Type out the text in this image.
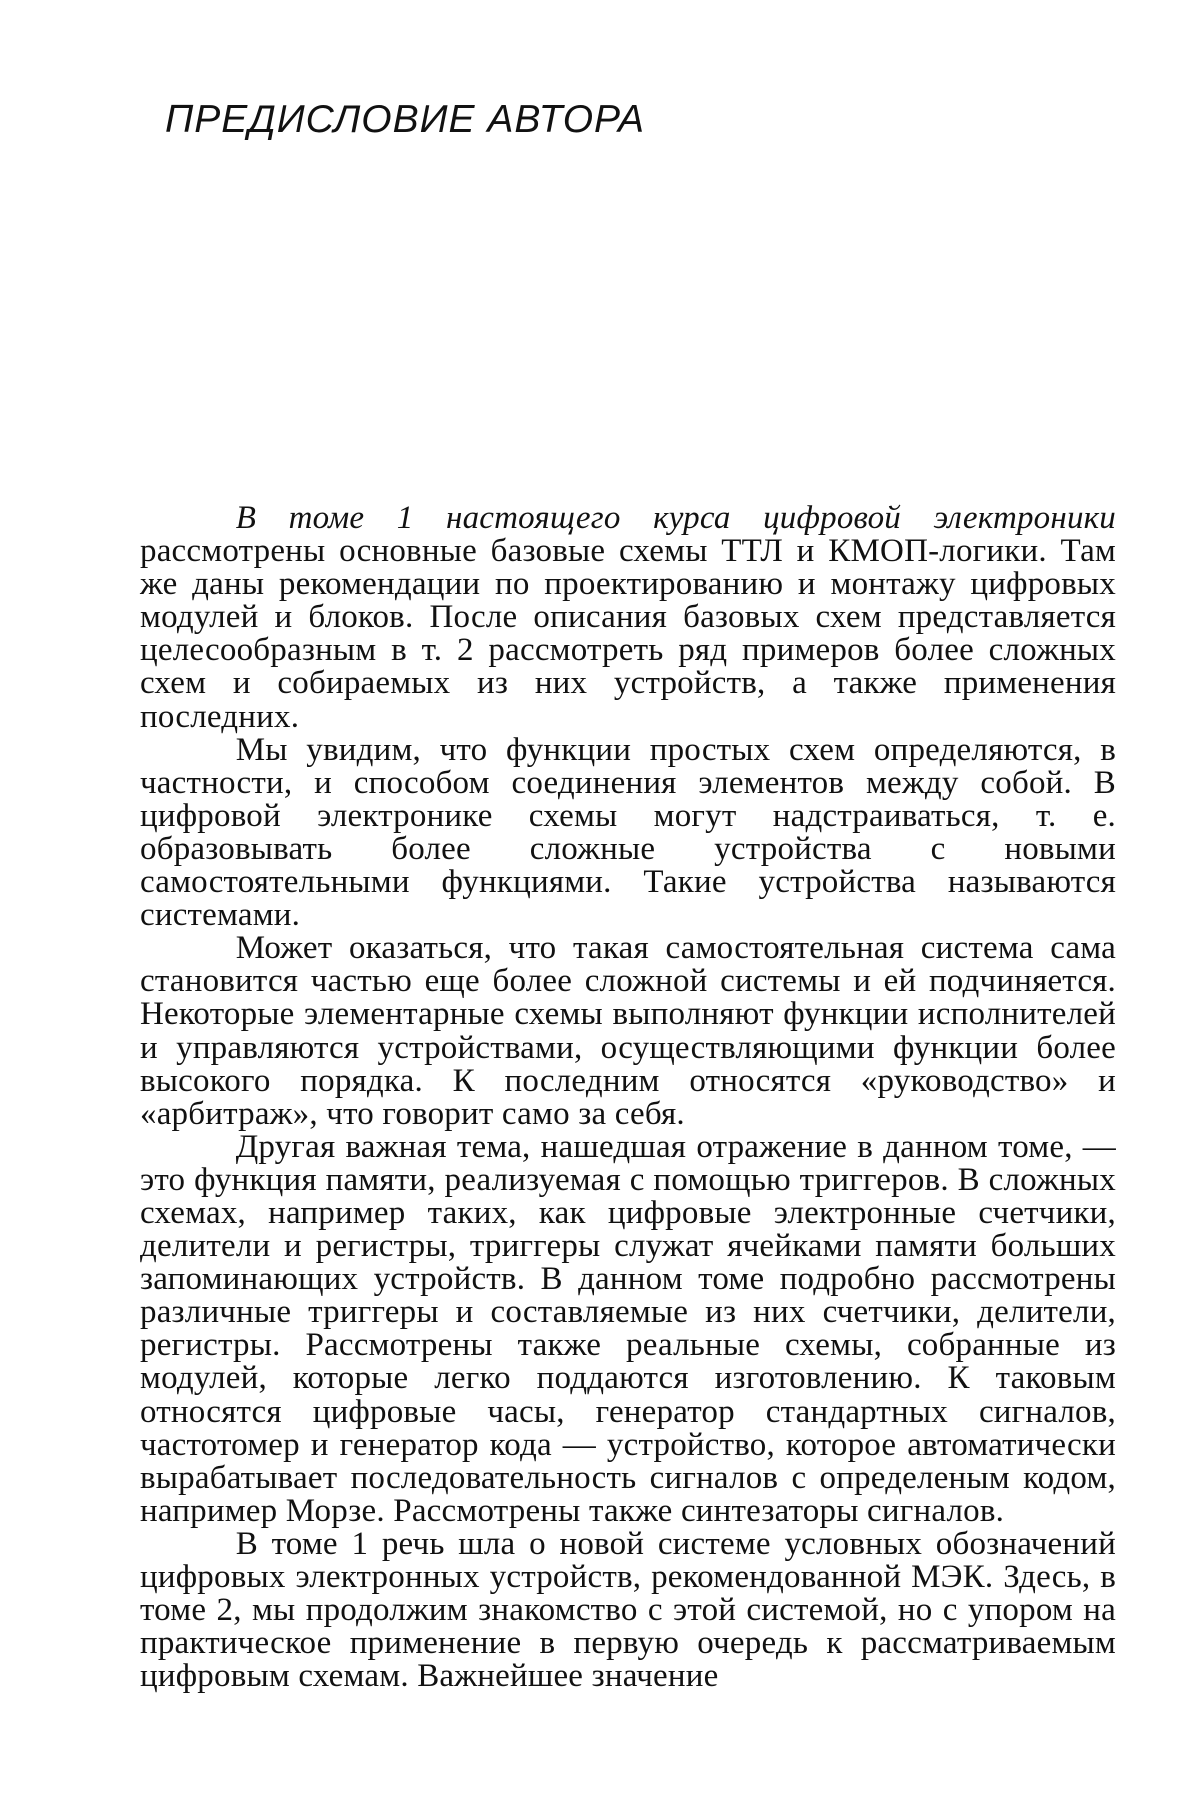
ПРЕДИСЛОВИЕ АВТОРА

В томе 1 настоящего курса цифровой электроники рассмотрены основные базовые схемы ТТЛ и КМОП-логики. Там же даны рекомендации по проектированию и монтажу цифровых модулей и блоков. После описания базовых схем представляется целесообразным в т. 2 рассмотреть ряд примеров более сложных схем и собираемых из них устройств, а также применения последних.

Мы увидим, что функции простых схем определяются, в частности, и способом соединения элементов между собой. В цифровой электронике схемы могут надстраиваться, т. е. образовывать более сложные устройства с новыми самостоятельными функциями. Такие устройства называются системами.

Может оказаться, что такая самостоятельная система сама становится частью еще более сложной системы и ей подчиняется. Некоторые элементарные схемы выполняют функции исполнителей и управляются устройствами, осуществляющими функции более высокого порядка. К последним относятся «руководство» и «арбитраж», что говорит само за себя.

Другая важная тема, нашедшая отражение в данном томе, — это функция памяти, реализуемая с помощью триггеров. В сложных схемах, например таких, как цифровые электронные счетчики, делители и регистры, триггеры служат ячейками памяти больших запоминающих устройств. В данном томе подробно рассмотрены различные триггеры и составляемые из них счетчики, делители, регистры. Рассмотрены также реальные схемы, собранные из модулей, которые легко поддаются изготовлению. К таковым относятся цифровые часы, генератор стандартных сигналов, частотомер и генератор кода — устройство, которое автоматически вырабатывает последовательность сигналов с определеным кодом, например Морзе. Рассмотрены также синтезаторы сигналов.

В томе 1 речь шла о новой системе условных обозначений цифровых электронных устройств, рекомендованной МЭК. Здесь, в томе 2, мы продолжим знакомство с этой системой, но с упором на практическое применение в первую очередь к рассматриваемым цифровым схемам. Важнейшее значение
